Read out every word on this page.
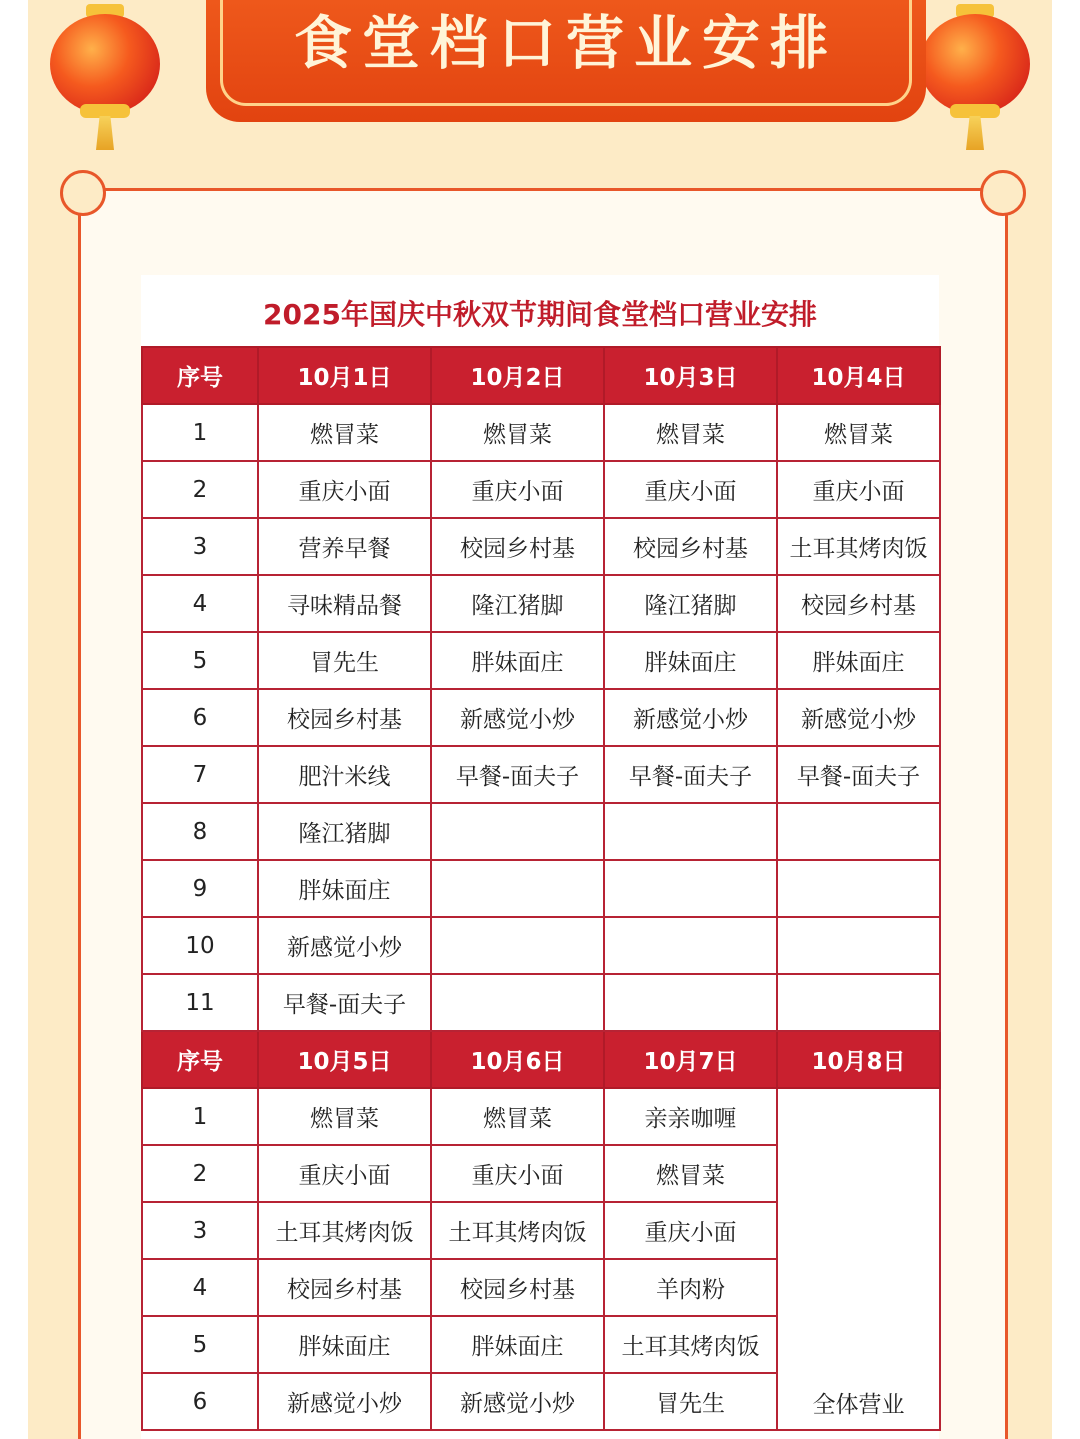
食堂档口营业安排
2025年国庆中秋双节期间食堂档口营业安排
序号	10月1日	10月2日	10月3日	10月4日
1	燃冒菜	燃冒菜	燃冒菜	燃冒菜
2	重庆小面	重庆小面	重庆小面	重庆小面
3	营养早餐	校园乡村基	校园乡村基	土耳其烤肉饭
4	寻味精品餐	隆江猪脚	隆江猪脚	校园乡村基
5	冒先生	胖妹面庄	胖妹面庄	胖妹面庄
6	校园乡村基	新感觉小炒	新感觉小炒	新感觉小炒
7	肥汁米线	早餐-面夫子	早餐-面夫子	早餐-面夫子
8	隆江猪脚			
9	胖妹面庄			
10	新感觉小炒			
11	早餐-面夫子			
序号	10月5日	10月6日	10月7日	10月8日
1	燃冒菜	燃冒菜	亲亲咖喱	全体营业
2	重庆小面	重庆小面	燃冒菜	
3	土耳其烤肉饭	土耳其烤肉饭	重庆小面	
4	校园乡村基	校园乡村基	羊肉粉	
5	胖妹面庄	胖妹面庄	土耳其烤肉饭	
6	新感觉小炒	新感觉小炒	冒先生	
